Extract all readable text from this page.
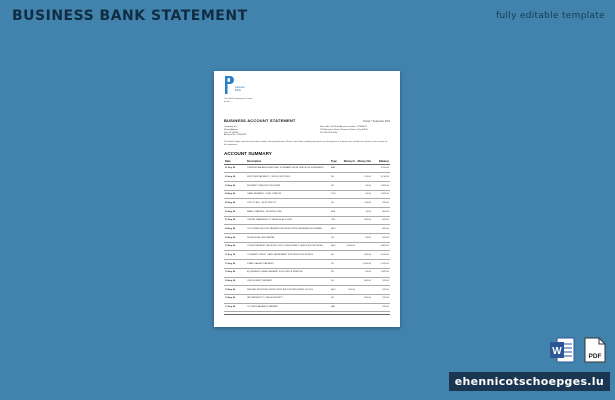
BUSINESS BANK STATEMENT	fully editable template
Caresse Bank
Your Bank department Lorem ipsum
BUSINESS ACCOUNT STATEMENT	Period: 7 September 2024
Company Inc
Street Address
City, ST 00000
Account No. 12345678
Sort code: 00-00-00 Account number: 12345678
123 Business Street, Finance District, City 00000
Tel: 000 000 0000
The details below cover all transactions made in the period shown. Please check them carefully and report any discrepancies. Interest rates and fees are shown on the reverse of this statement.
ACCOUNT SUMMARY
Date	Description	Type	Money In	Money Out	Balance
01 Aug 24	OPENING BALANCE BROUGHT FORWARD FROM PREVIOUS STATEMENT	BAL			1,250.00
02 Aug 24	SUPPLIER PAYMENT - OFFICE SUPPLIES	DD		120.00	1,130.00
03 Aug 24	INTERNET SERVICE PROVIDER	DD		45.00	1,085.00
04 Aug 24	CARD PAYMENT - FUEL STATION	POS		60.00	1,025.00
05 Aug 24	UTILITY BILL - ELECTRICITY	DD		210.00	815.00
06 Aug 24	BANK CHARGES - MONTHLY FEE	FEE		15.00	800.00
07 Aug 24	ONLINE TRANSFER TO SAVINGS ACCOUNT	TFR		200.00	600.00
08 Aug 24	CUSTOMER INVOICE PAYMENT RECEIVED WITH REFERENCE NUMBER	BGC			600.00
09 Aug 24	TELEPHONE LINE RENTAL	DD		35.00	565.00
10 Aug 24	CLIENT PAYMENT RECEIVED FOR CONSULTANCY SERVICES PROVIDED	BGC	2,500.00		3,065.00
11 Aug 24	COMPANY CREDIT CARD REPAYMENT FOR PREVIOUS MONTH	DD		450.00	2,615.00
12 Aug 24	STAFF SALARY PAYMENT	SO		1,200.00	1,415.00
13 Aug 24	EQUIPMENT LEASE PAYMENT FOR OFFICE PRINTER	DD		95.00	1,320.00
14 Aug 24	OFFICE RENT PAYMENT	SO		800.00	520.00
15 Aug 24	REFUND RECEIVED FROM SUPPLIER FOR RETURNED GOODS	BGC	150.00		670.00
16 Aug 24	VAT PAYMENT TO TAX AUTHORITY	DD		300.00	370.00
17 Aug 24	CLOSING BALANCE CARRIED	BAL			370.00
W	PDF
ehennicotschoepges.lu
